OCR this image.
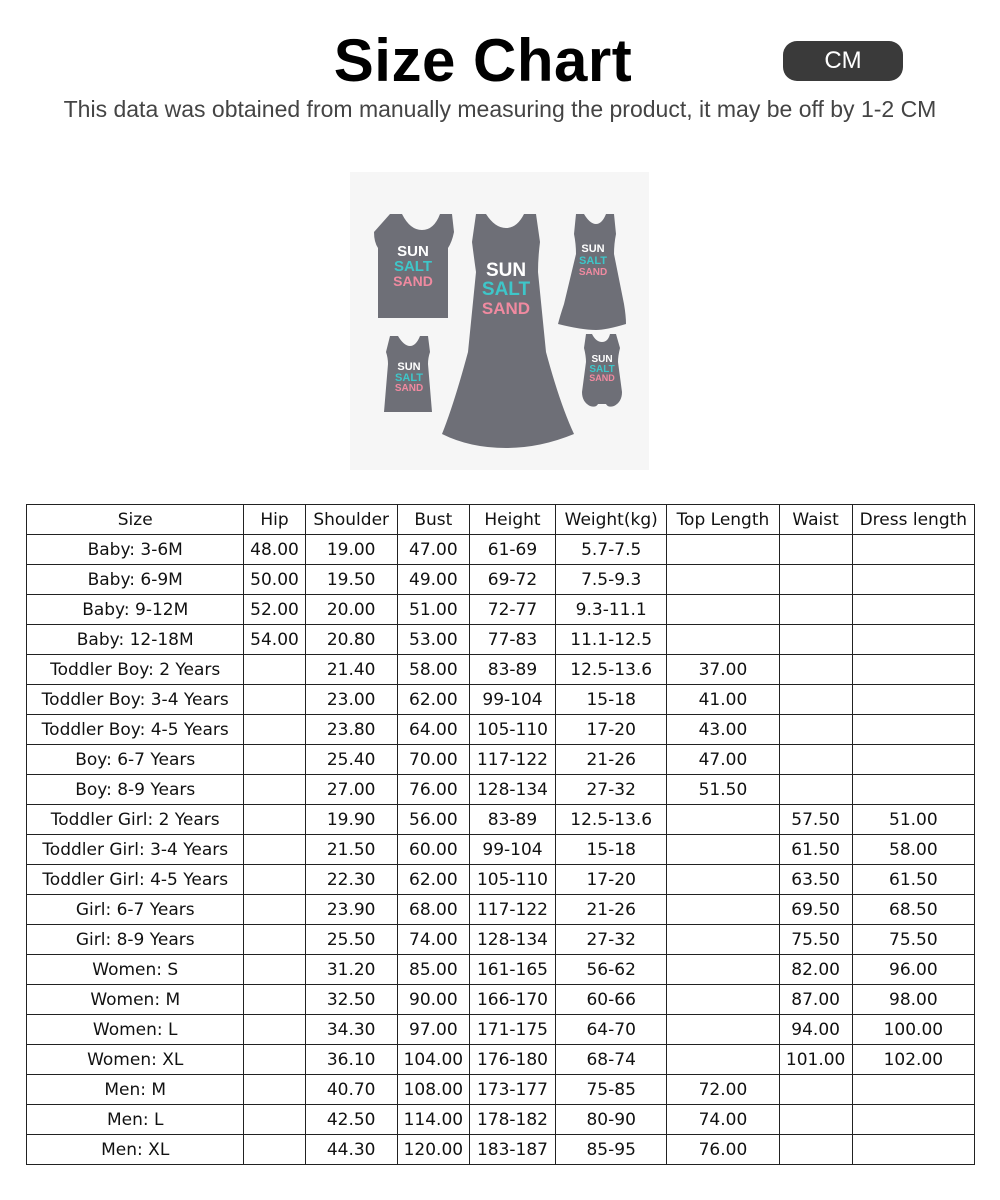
Size Chart	CM
This data was obtained from manually measuring the product, it may be off by 1-2 CM
SUN
SALT
SAND	SUN
SALT
SAND
SUN
SALT
SAND
SUN
SALT
SAND
SUN
SALT
SAND
Size	Hip	Shoulder	Bust	Height	Weight(kg)	Top Length	Waist	Dress length
Baby: 3-6M	48.00	19.00	47.00	61-69	5.7-7.5			
Baby: 6-9M	50.00	19.50	49.00	69-72	7.5-9.3			
Baby: 9-12M	52.00	20.00	51.00	72-77	9.3-11.1			
Baby: 12-18M	54.00	20.80	53.00	77-83	11.1-12.5			
Toddler Boy: 2 Years		21.40	58.00	83-89	12.5-13.6	37.00		
Toddler Boy: 3-4 Years		23.00	62.00	99-104	15-18	41.00		
Toddler Boy: 4-5 Years		23.80	64.00	105-110	17-20	43.00		
Boy: 6-7 Years		25.40	70.00	117-122	21-26	47.00		
Boy: 8-9 Years		27.00	76.00	128-134	27-32	51.50		
Toddler Girl: 2 Years		19.90	56.00	83-89	12.5-13.6		57.50	51.00
Toddler Girl: 3-4 Years		21.50	60.00	99-104	15-18		61.50	58.00
Toddler Girl: 4-5 Years		22.30	62.00	105-110	17-20		63.50	61.50
Girl: 6-7 Years		23.90	68.00	117-122	21-26		69.50	68.50
Girl: 8-9 Years		25.50	74.00	128-134	27-32		75.50	75.50
Women: S		31.20	85.00	161-165	56-62		82.00	96.00
Women: M		32.50	90.00	166-170	60-66		87.00	98.00
Women: L		34.30	97.00	171-175	64-70		94.00	100.00
Women: XL		36.10	104.00	176-180	68-74		101.00	102.00
Men: M		40.70	108.00	173-177	75-85	72.00		
Men: L		42.50	114.00	178-182	80-90	74.00		
Men: XL		44.30	120.00	183-187	85-95	76.00		
